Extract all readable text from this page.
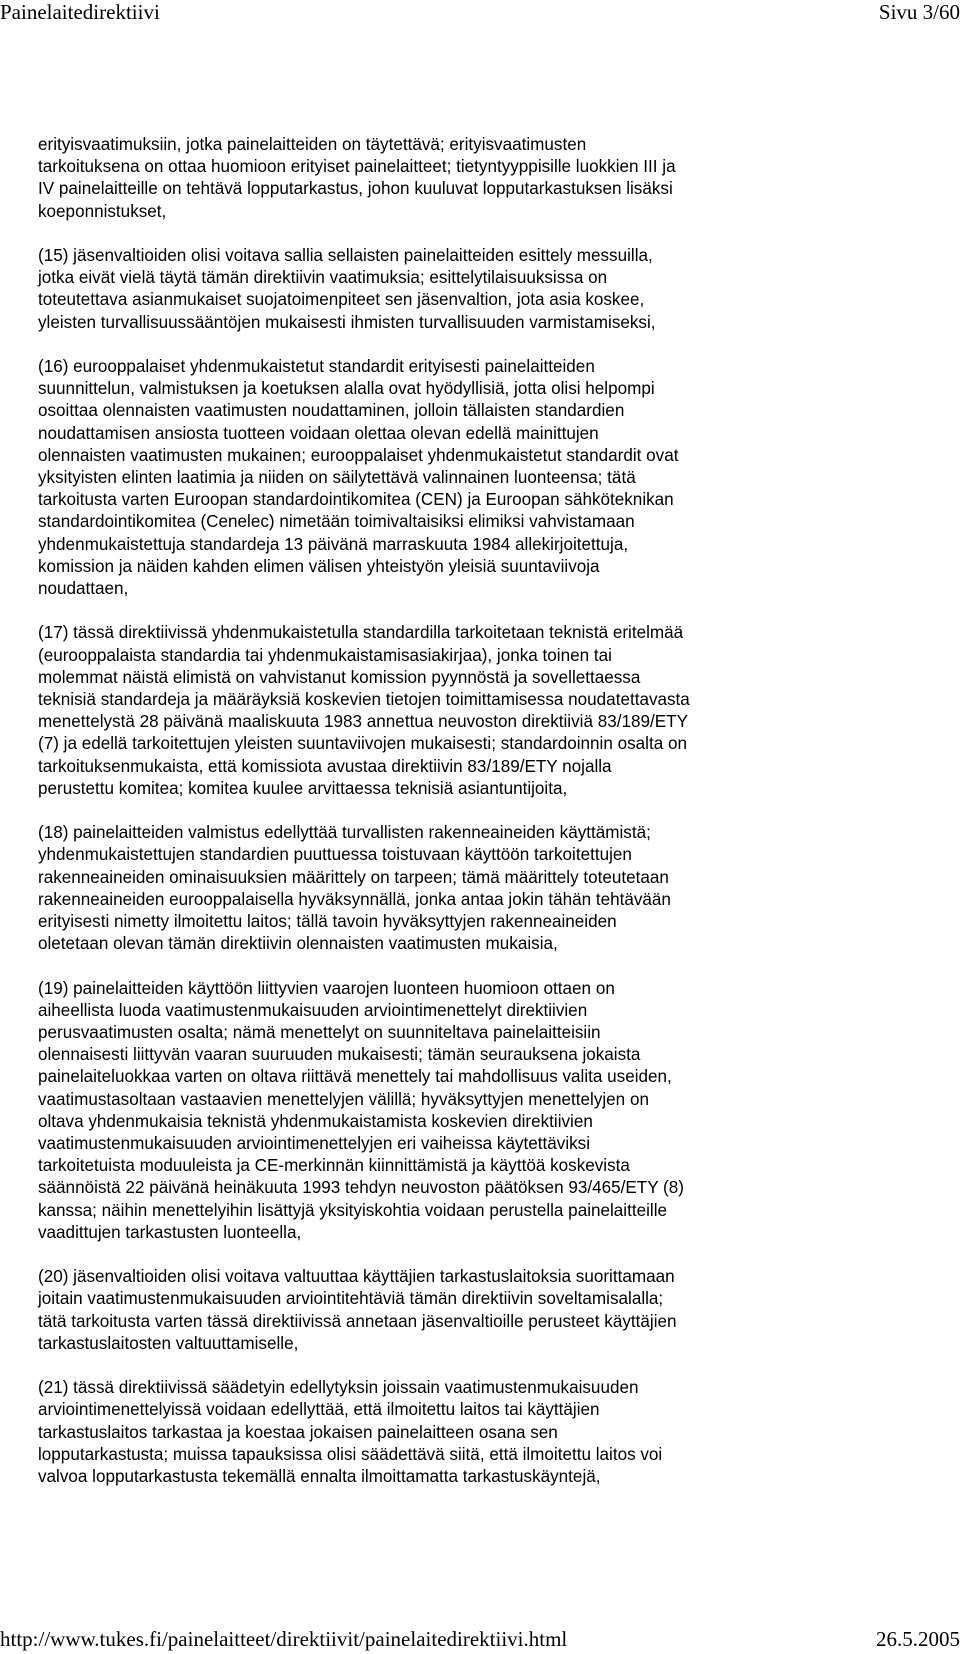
Painelaitedirektiivi	Sivu 3/60

erityisvaatimuksiin, jotka painelaitteiden on täytettävä; erityisvaatimusten

tarkoituksena on ottaa huomioon erityiset painelaitteet; tietyntyyppisille luokkien III ja

IV painelaitteille on tehtävä lopputarkastus, johon kuuluvat lopputarkastuksen lisäksi

koeponnistukset,

(15) jäsenvaltioiden olisi voitava sallia sellaisten painelaitteiden esittely messuilla,

jotka eivät vielä täytä tämän direktiivin vaatimuksia; esittelytilaisuuksissa on

toteutettava asianmukaiset suojatoimenpiteet sen jäsenvaltion, jota asia koskee,

yleisten turvallisuussääntöjen mukaisesti ihmisten turvallisuuden varmistamiseksi,

(16) eurooppalaiset yhdenmukaistetut standardit erityisesti painelaitteiden

suunnittelun, valmistuksen ja koetuksen alalla ovat hyödyllisiä, jotta olisi helpompi

osoittaa olennaisten vaatimusten noudattaminen, jolloin tällaisten standardien

noudattamisen ansiosta tuotteen voidaan olettaa olevan edellä mainittujen

olennaisten vaatimusten mukainen; eurooppalaiset yhdenmukaistetut standardit ovat

yksityisten elinten laatimia ja niiden on säilytettävä valinnainen luonteensa; tätä

tarkoitusta varten Euroopan standardointikomitea (CEN) ja Euroopan sähköteknikan

standardointikomitea (Cenelec) nimetään toimivaltaisiksi elimiksi vahvistamaan

yhdenmukaistettuja standardeja 13 päivänä marraskuuta 1984 allekirjoitettuja,

komission ja näiden kahden elimen välisen yhteistyön yleisiä suuntaviivoja

noudattaen,

(17) tässä direktiivissä yhdenmukaistetulla standardilla tarkoitetaan teknistä eritelmää

(eurooppalaista standardia tai yhdenmukaistamisasiakirjaa), jonka toinen tai

molemmat näistä elimistä on vahvistanut komission pyynnöstä ja sovellettaessa

teknisiä standardeja ja määräyksiä koskevien tietojen toimittamisessa noudatettavasta

menettelystä 28 päivänä maaliskuuta 1983 annettua neuvoston direktiiviä 83/189/ETY

(7) ja edellä tarkoitettujen yleisten suuntaviivojen mukaisesti; standardoinnin osalta on

tarkoituksenmukaista, että komissiota avustaa direktiivin 83/189/ETY nojalla

perustettu komitea; komitea kuulee arvittaessa teknisiä asiantuntijoita,

(18) painelaitteiden valmistus edellyttää turvallisten rakenneaineiden käyttämistä;

yhdenmukaistettujen standardien puuttuessa toistuvaan käyttöön tarkoitettujen

rakenneaineiden ominaisuuksien määrittely on tarpeen; tämä määrittely toteutetaan

rakenneaineiden eurooppalaisella hyväksynnällä, jonka antaa jokin tähän tehtävään

erityisesti nimetty ilmoitettu laitos; tällä tavoin hyväksyttyjen rakenneaineiden

oletetaan olevan tämän direktiivin olennaisten vaatimusten mukaisia,

(19) painelaitteiden käyttöön liittyvien vaarojen luonteen huomioon ottaen on

aiheellista luoda vaatimustenmukaisuuden arviointimenettelyt direktiivien

perusvaatimusten osalta; nämä menettelyt on suunniteltava painelaitteisiin

olennaisesti liittyvän vaaran suuruuden mukaisesti; tämän seurauksena jokaista

painelaiteluokkaa varten on oltava riittävä menettely tai mahdollisuus valita useiden,

vaatimustasoltaan vastaavien menettelyjen välillä; hyväksyttyjen menettelyjen on

oltava yhdenmukaisia teknistä yhdenmukaistamista koskevien direktiivien

vaatimustenmukaisuuden arviointimenettelyjen eri vaiheissa käytettäviksi

tarkoitetuista moduuleista ja CE-merkinnän kiinnittämistä ja käyttöä koskevista

säännöistä 22 päivänä heinäkuuta 1993 tehdyn neuvoston päätöksen 93/465/ETY (8)

kanssa; näihin menettelyihin lisättyjä yksityiskohtia voidaan perustella painelaitteille

vaadittujen tarkastusten luonteella,

(20) jäsenvaltioiden olisi voitava valtuuttaa käyttäjien tarkastuslaitoksia suorittamaan

joitain vaatimustenmukaisuuden arviointitehtäviä tämän direktiivin soveltamisalalla;

tätä tarkoitusta varten tässä direktiivissä annetaan jäsenvaltioille perusteet käyttäjien

tarkastuslaitosten valtuuttamiselle,

(21) tässä direktiivissä säädetyin edellytyksin joissain vaatimustenmukaisuuden

arviointimenettelyissä voidaan edellyttää, että ilmoitettu laitos tai käyttäjien

tarkastuslaitos tarkastaa ja koestaa jokaisen painelaitteen osana sen

lopputarkastusta; muissa tapauksissa olisi säädettävä siitä, että ilmoitettu laitos voi

valvoa lopputarkastusta tekemällä ennalta ilmoittamatta tarkastuskäyntejä,

http://www.tukes.fi/painelaitteet/direktiivit/painelaitedirektiivi.html	26.5.2005
